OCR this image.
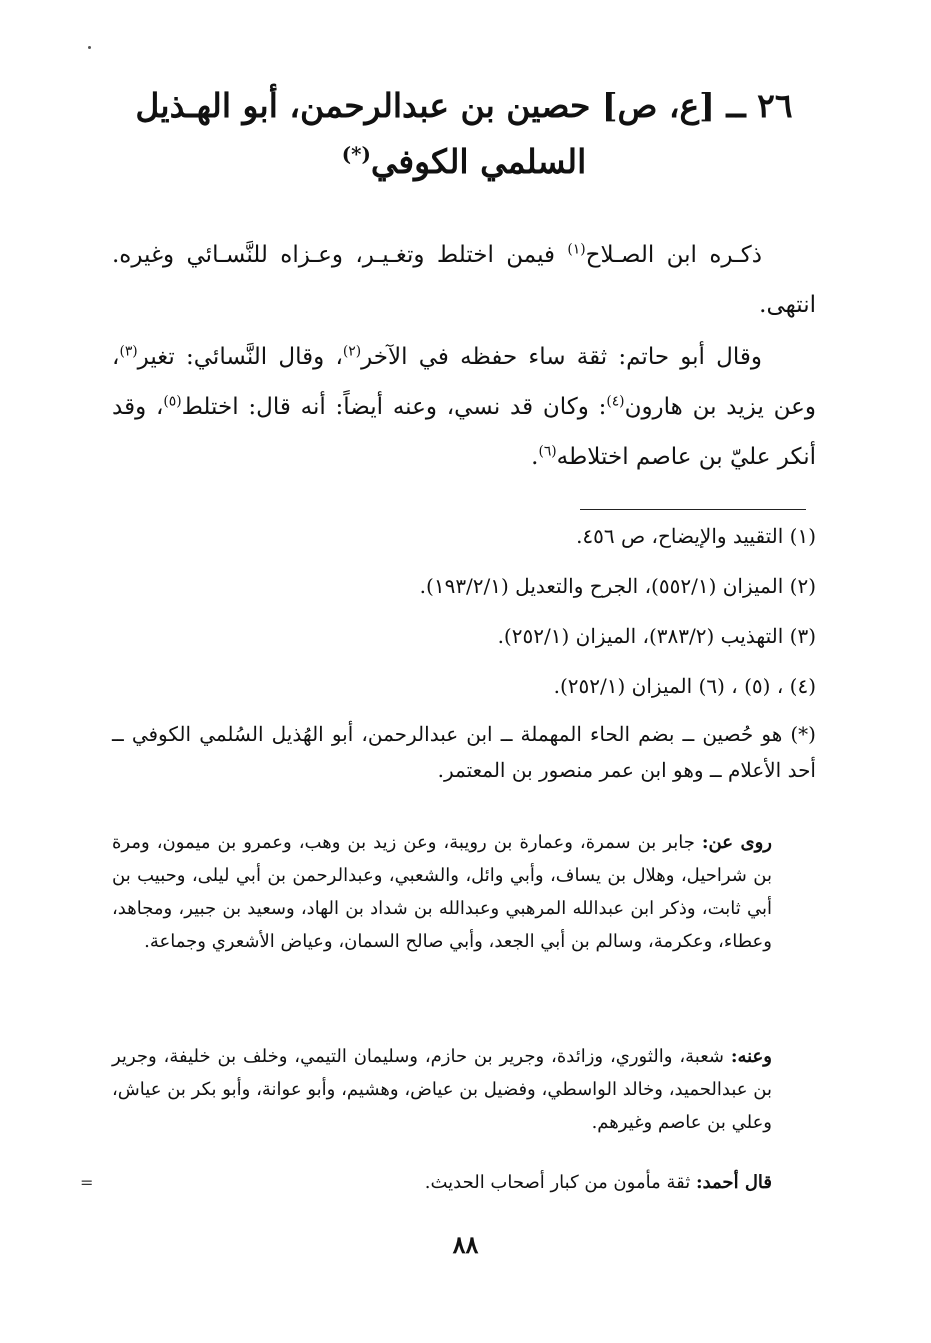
٢٦ ــ [ع، ص] حصين بن عبدالرحمن، أبو الهـذيل
السلمي الكوفي(*)
ذكـره ابن الصـلاح$^{(١)}$ فيمن اختلط وتغـيـر، وعـزاه للنَّسـائي وغيره. انتهى.
وقال أبو حاتم: ثقة ساء حفظه في الآخر$^{(٢)}$، وقال النَّسائي: تغير$^{(٣)}$، وعن يزيد بن هارون$^{(٤)}$: وكان قد نسي، وعنه أيضاً: أنه قال: اختلط$^{(٥)}$، وقد أنكر عليّ بن عاصم اختلاطه$^{(٦)}$.
(١) التقييد والإيضاح، ص ٤٥٦.
(٢) الميزان (٥٥٢/١)، الجرح والتعديل (١٩٣/٢/١).
(٣) التهذيب (٣٨٣/٢)، الميزان (٢٥٢/١).
(٤) ، (٥) ، (٦) الميزان (٢٥٢/١).
(*) هو حُصين ــ بضم الحاء المهملة ــ ابن عبدالرحمن، أبو الهُذيل السُلمي الكوفي ــ أحد الأعلام ــ وهو ابن عمر منصور بن المعتمر.
روى عن: جابر بن سمرة، وعمارة بن رويبة، وعن زيد بن وهب، وعمرو بن ميمون، ومرة بن شراحيل، وهلال بن يساف، وأبي وائل، والشعبي، وعبدالرحمن بن أبي ليلى، وحبيب بن أبي ثابت، وذكر ابن عبدالله المرهبي وعبدالله بن شداد بن الهاد، وسعيد بن جبير، ومجاهد، وعطاء، وعكرمة، وسالم بن أبي الجعد، وأبي صالح السمان، وعياض الأشعري وجماعة.
وعنه: شعبة، والثوري، وزائدة، وجرير بن حازم، وسليمان التيمي، وخلف بن خليفة، وجرير بن عبدالحميد، وخالد الواسطي، وفضيل بن عياض، وهشيم، وأبو عوانة، وأبو بكر بن عياش، وعلي بن عاصم وغيرهم.
قال أحمد: ثقة مأمون من كبار أصحاب الحديث.
=
٨٨
